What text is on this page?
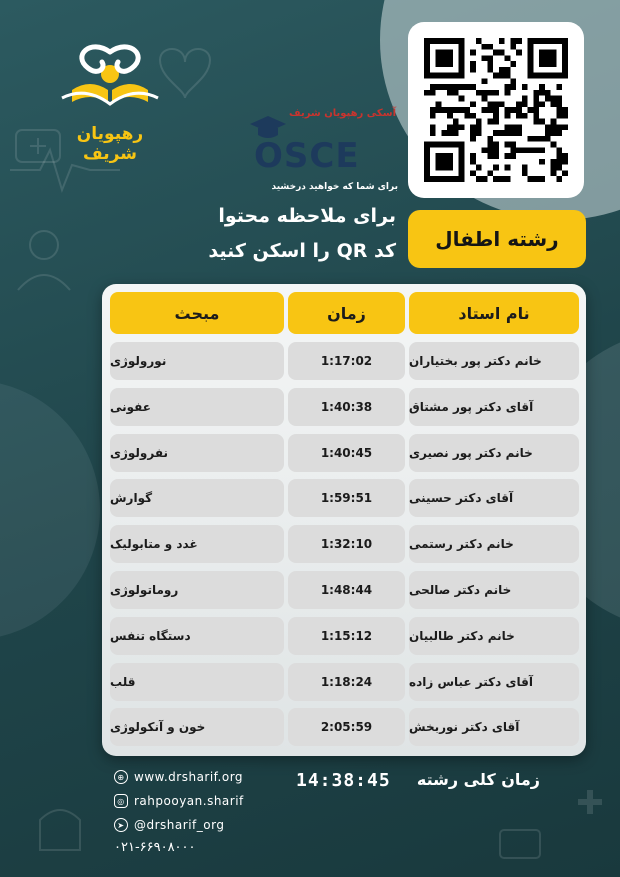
رهپویان شریف
آسکی رهپویان شریف
OSCE
برای شما که خواهید درخشید
برای ملاحظه محتوا
کد QR را اسکن کنید رشته اطفال
مبحث	زمان	نام استاد
نورولوژی	1:17:02	خانم دکتر پور بختیاران
عفونی	1:40:38	آقای دکتر پور مشتاق
نفرولوژی	1:40:45	خانم دکتر پور نصیری
گوارش	1:59:51	آقای دکتر حسینی
غدد و متابولیک	1:32:10	خانم دکتر رستمی
روماتولوژی	1:48:44	خانم دکتر صالحی
دستگاه تنفس	1:15:12	خانم دکتر طالبیان
قلب	1:18:24	آقای دکتر عباس زاده
خون و آنکولوژی	2:05:59	آقای دکتر نوربخش
14:38:45	زمان کلی رشته
⊕ www.drsharif.org
◎ rahpooyan.sharif
➤ @drsharif_org
۰۲۱-۶۶۹۰۸۰۰۰
